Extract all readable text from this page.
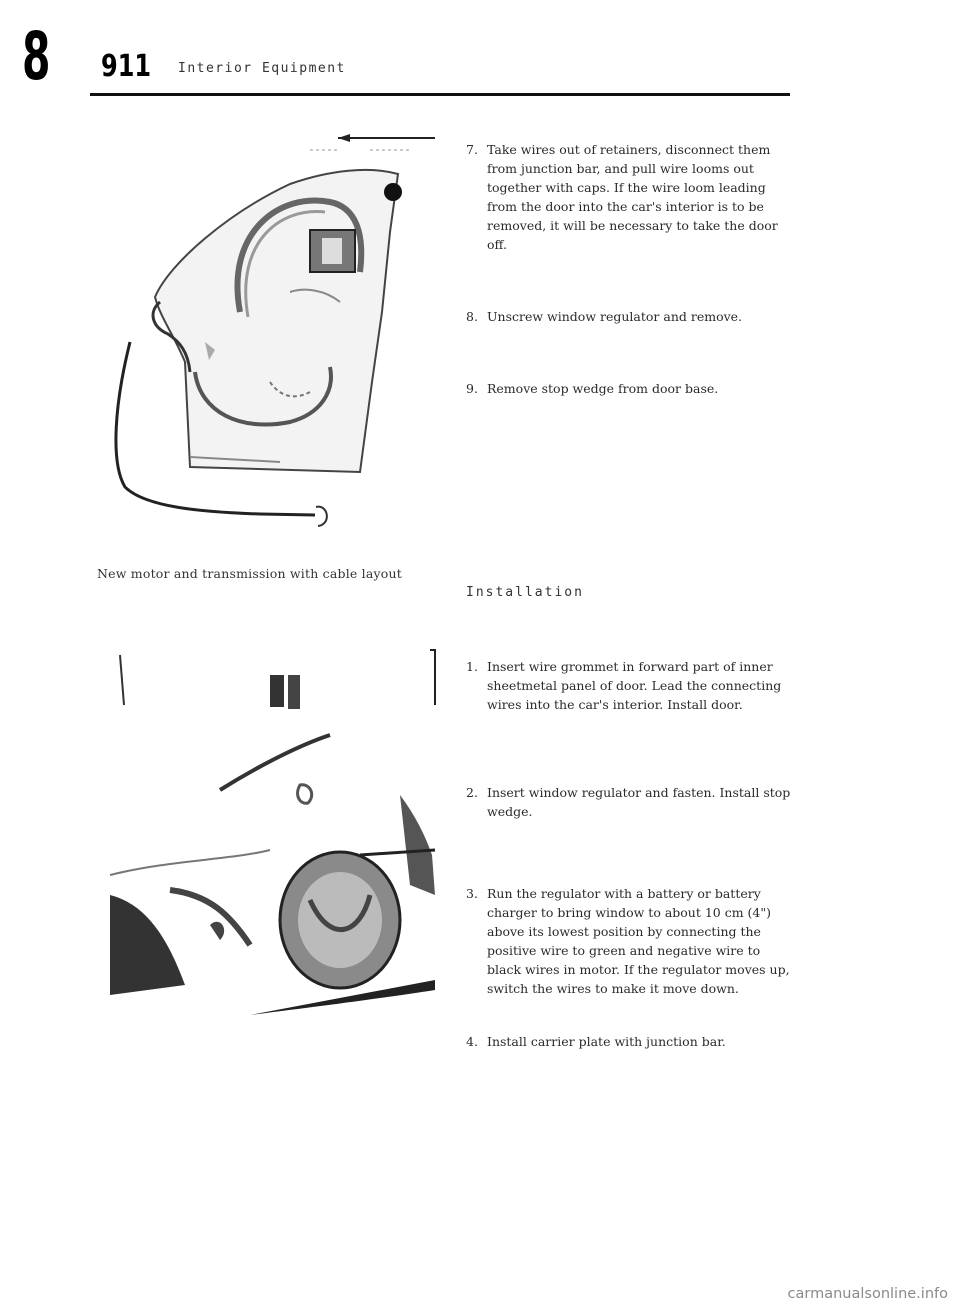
8 911 Interior Equipment
New motor and transmission with cable layout
7. Take wires out of retainers, disconnect them from junction bar, and pull wire looms out together with caps. If the wire loom leading from the door into the car's interior is to be removed, it will be necessary to take the door off.
8. Unscrew window regulator and remove.
9. Remove stop wedge from door base.
Installation
1. Insert wire grommet in forward part of inner sheetmetal panel of door. Lead the connecting wires into the car's interior. Install door.
2. Insert window regulator and fasten. Install stop wedge.
3. Run the regulator with a battery or battery charger to bring window to about 10 cm (4") above its lowest position by connecting the positive wire to green and negative wire to black wires in motor. If the regulator moves up, switch the wires to make it move down.
4. Install carrier plate with junction bar.
carmanualsonline.info
